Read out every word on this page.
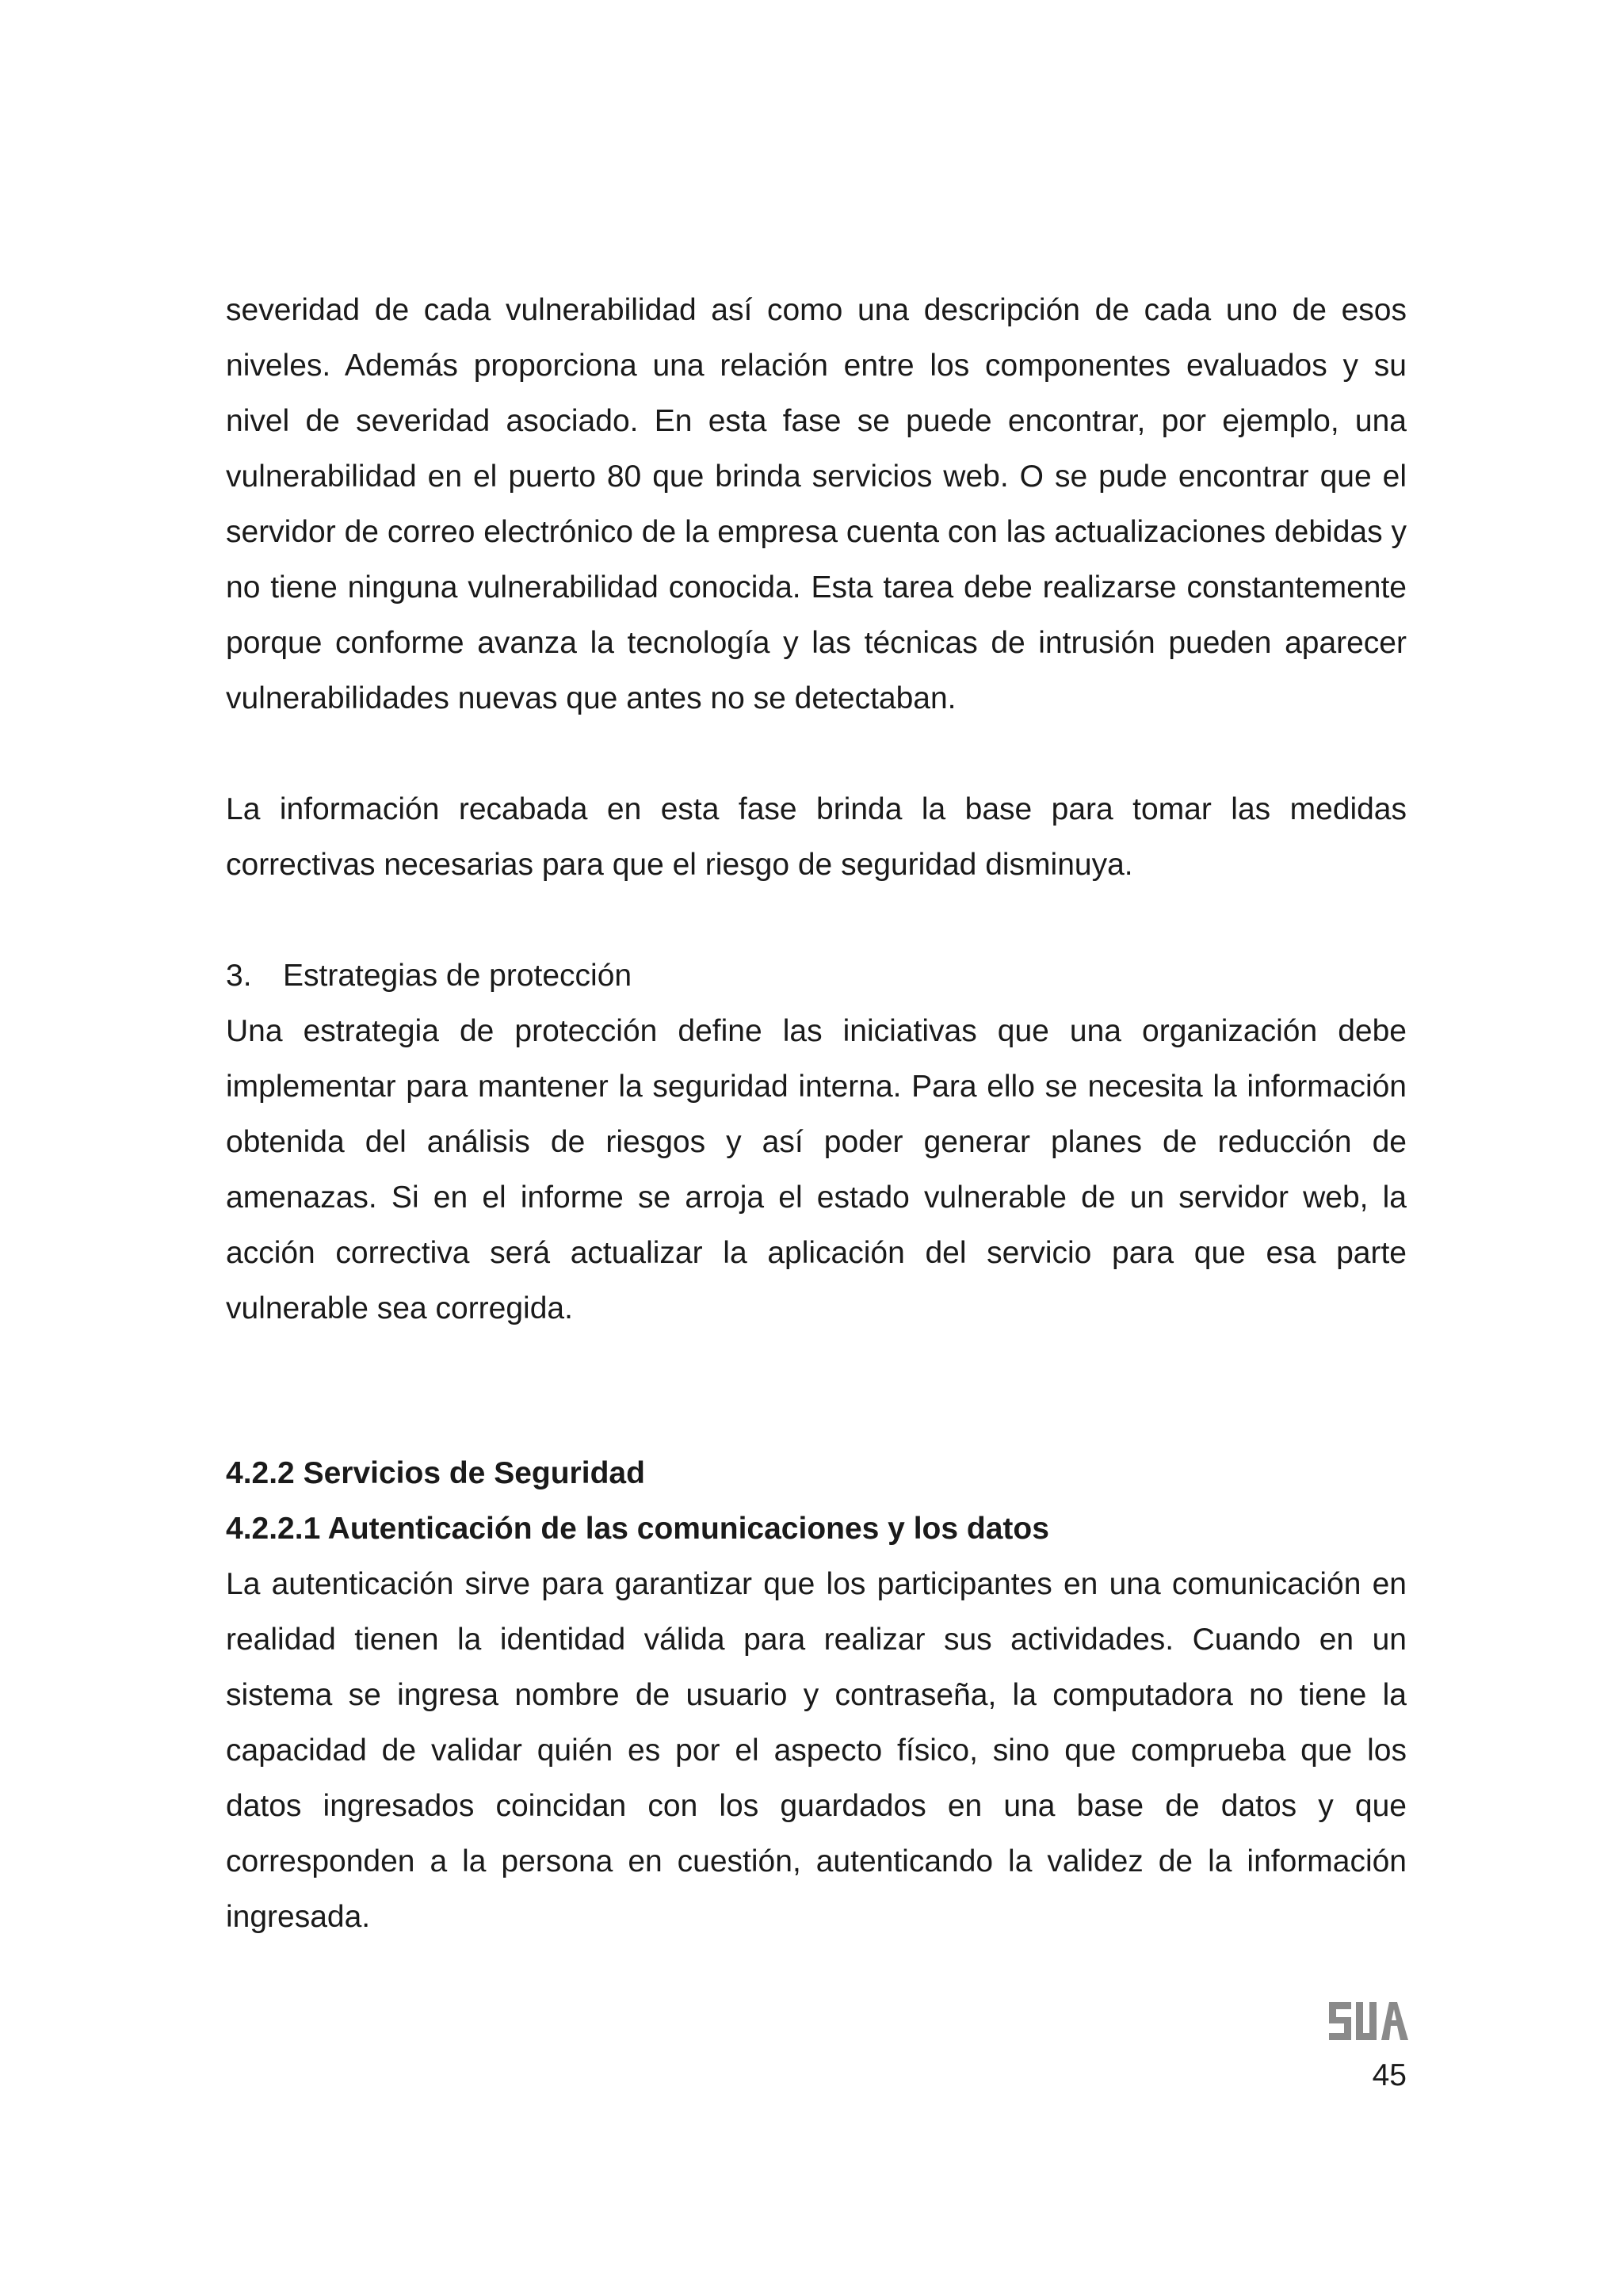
severidad de cada vulnerabilidad así como una descripción de cada uno de esos niveles. Además proporciona una relación entre los componentes evaluados y su nivel de severidad asociado. En esta fase se puede encontrar, por ejemplo, una vulnerabilidad en el puerto 80 que brinda servicios web. O se pude encontrar que el servidor de correo electrónico de la empresa cuenta con las actualizaciones debidas y no tiene ninguna vulnerabilidad conocida. Esta tarea debe realizarse constantemente porque conforme avanza la tecnología y las técnicas de intrusión pueden aparecer vulnerabilidades nuevas que antes no se detectaban.

La información recabada en esta fase brinda la base para tomar las medidas correctivas necesarias para que el riesgo de seguridad disminuya.

3. Estrategias de protección

Una estrategia de protección define las iniciativas que una organización debe implementar para mantener la seguridad interna. Para ello se necesita la información obtenida del análisis de riesgos y así poder generar planes de reducción de amenazas. Si en el informe se arroja el estado vulnerable de un servidor web, la acción correctiva será actualizar la aplicación del servicio para que esa parte vulnerable sea corregida.

4.2.2 Servicios de Seguridad
4.2.2.1 Autenticación de las comunicaciones y los datos

La autenticación sirve para garantizar que los participantes en una comunicación en realidad tienen la identidad válida para realizar sus actividades. Cuando en un sistema se ingresa nombre de usuario y contraseña, la computadora no tiene la capacidad de validar quién es por el aspecto físico, sino que comprueba que los datos ingresados coincidan con los guardados en una base de datos y que corresponden a la persona en cuestión, autenticando la validez de la información ingresada.

45
